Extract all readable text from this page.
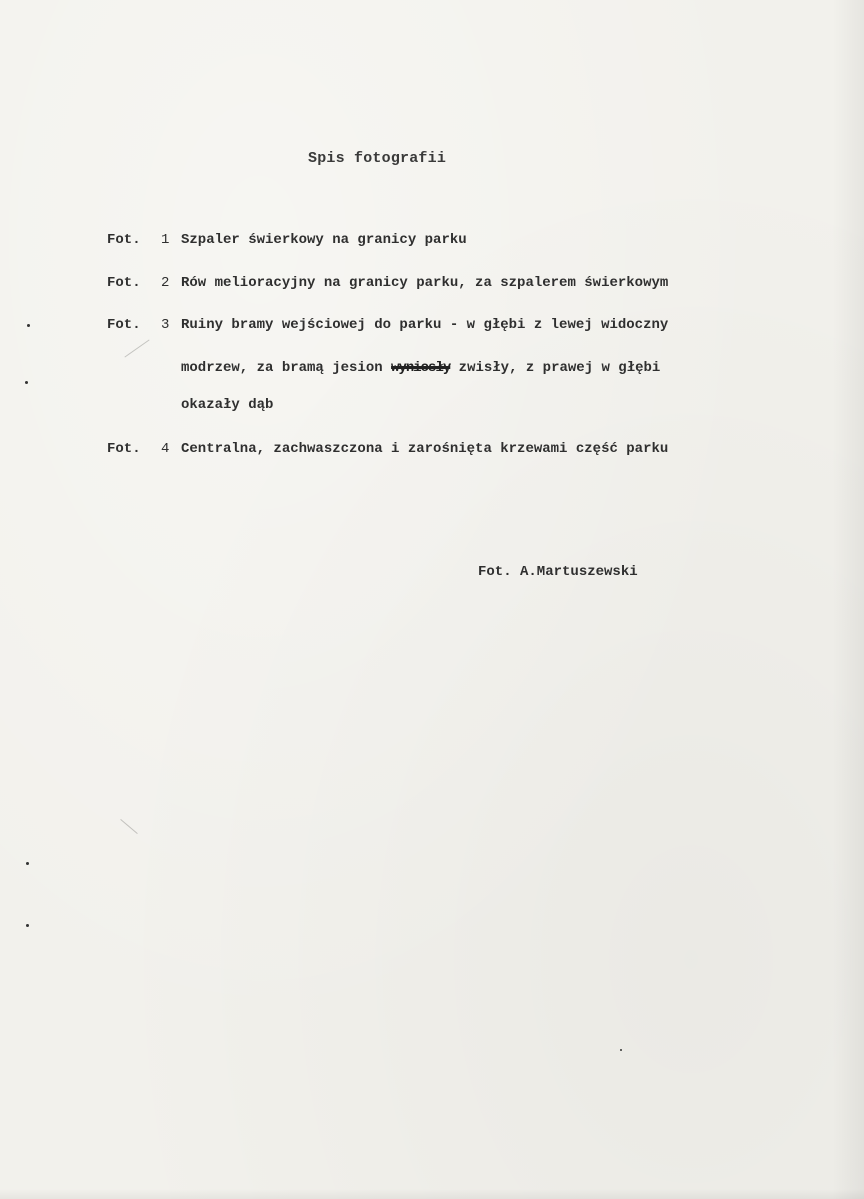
Spis fotografii
Fot. 1 Szpaler świerkowy na granicy parku
Fot. 2 Rów melioracyjny na granicy parku, za szpalerem świerkowym
Fot. 3 Ruiny bramy wejściowej do parku - w głębi z lewej widoczny
modrzew, za bramą jesion wyniosły zwisły, z prawej w głębi
okazały dąb
Fot. 4 Centralna, zachwaszczona i zarośnięta krzewami część parku
Fot. A.Martuszewski
